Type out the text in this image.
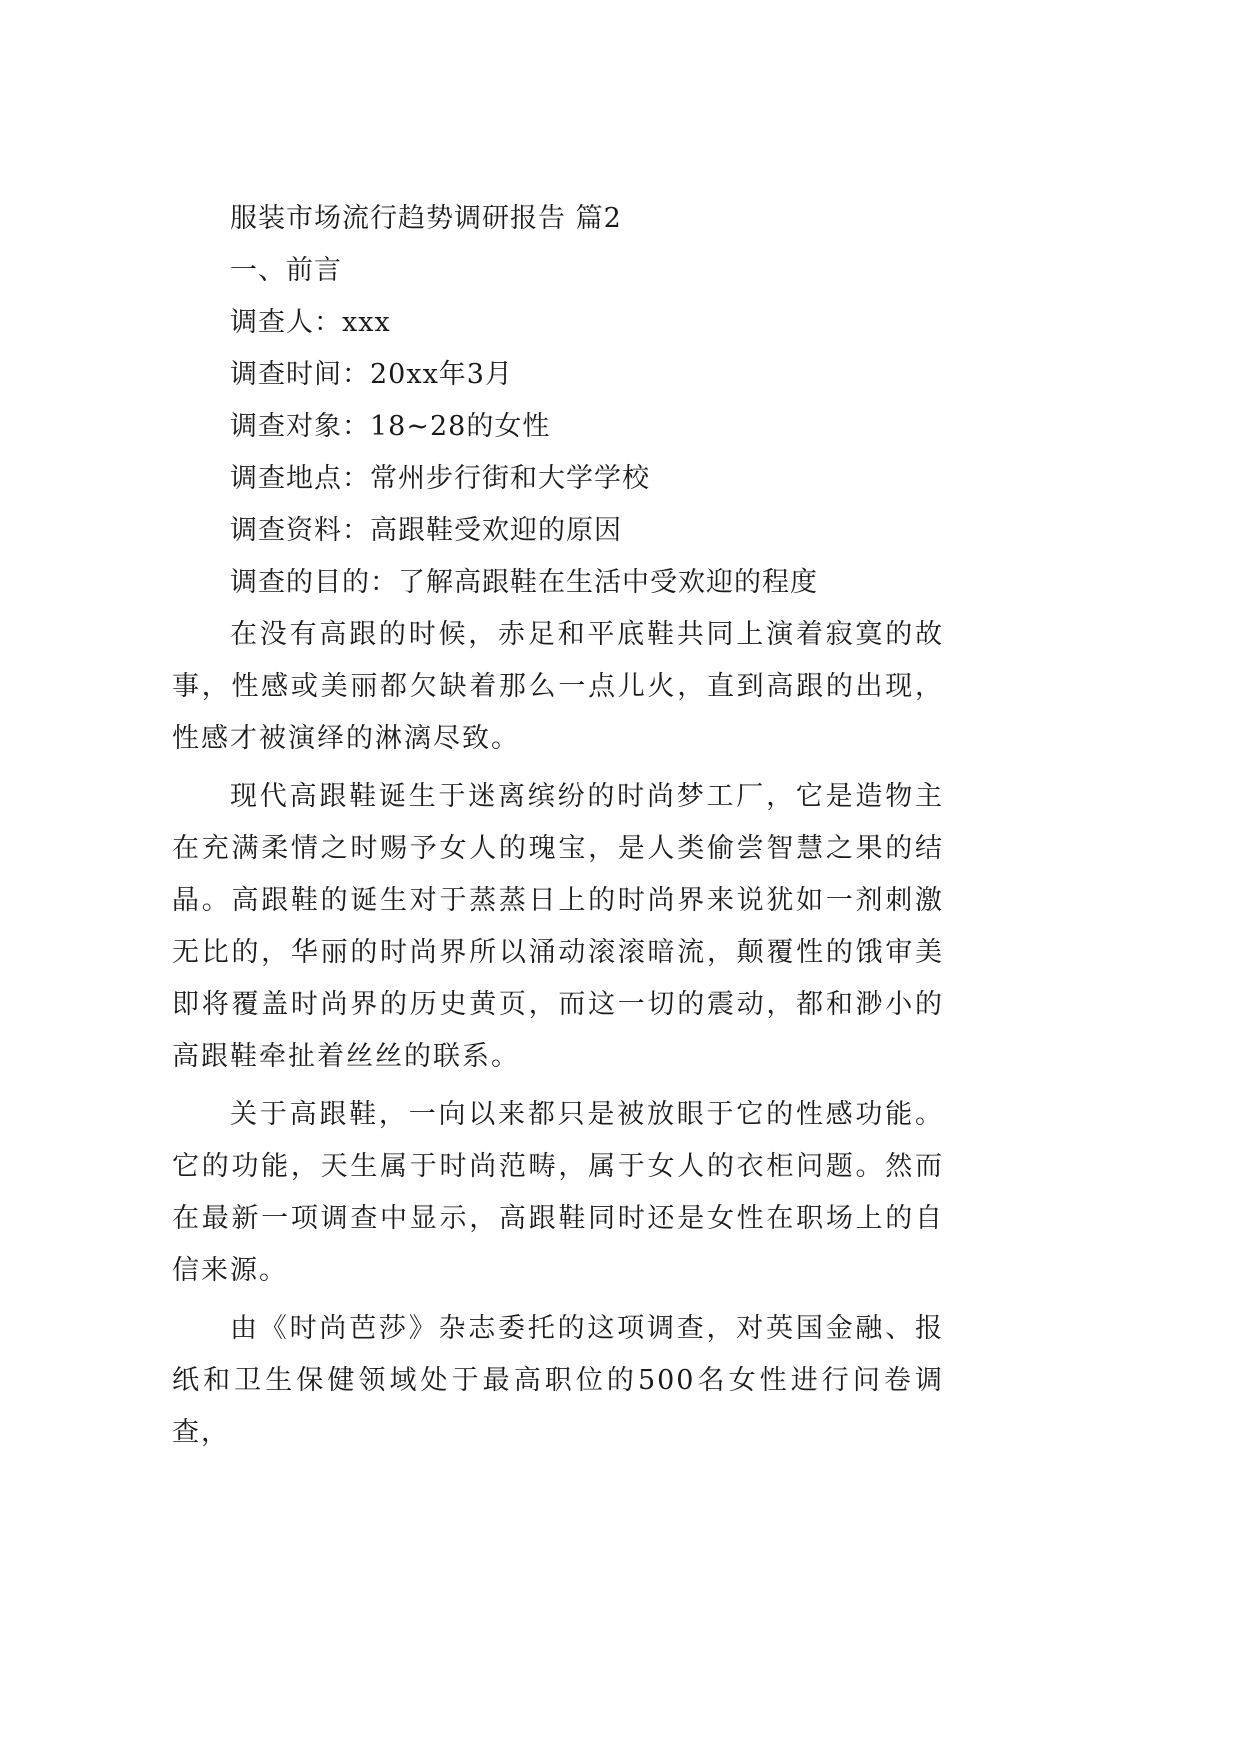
服装市场流行趋势调研报告 篇2
一、前言
调查人：xxx
调查时间：20xx年3月
调查对象：18~28的女性
调查地点：常州步行街和大学学校
调查资料：高跟鞋受欢迎的原因
调查的目的：了解高跟鞋在生活中受欢迎的程度

在没有高跟的时候，赤足和平底鞋共同上演着寂寞的故事，性感或美丽都欠缺着那么一点儿火，直到高跟的出现，性感才被演绎的淋漓尽致。

现代高跟鞋诞生于迷离缤纷的时尚梦工厂，它是造物主在充满柔情之时赐予女人的瑰宝，是人类偷尝智慧之果的结晶。高跟鞋的诞生对于蒸蒸日上的时尚界来说犹如一剂刺激无比的，华丽的时尚界所以涌动滚滚暗流，颠覆性的饿审美即将覆盖时尚界的历史黄页，而这一切的震动，都和渺小的高跟鞋牵扯着丝丝的联系。

关于高跟鞋，一向以来都只是被放眼于它的性感功能。它的功能，天生属于时尚范畴，属于女人的衣柜问题。然而在最新一项调查中显示，高跟鞋同时还是女性在职场上的自信来源。

由《时尚芭莎》杂志委托的这项调查，对英国金融、报纸和卫生保健领域处于最高职位的500名女性进行问卷调查，
